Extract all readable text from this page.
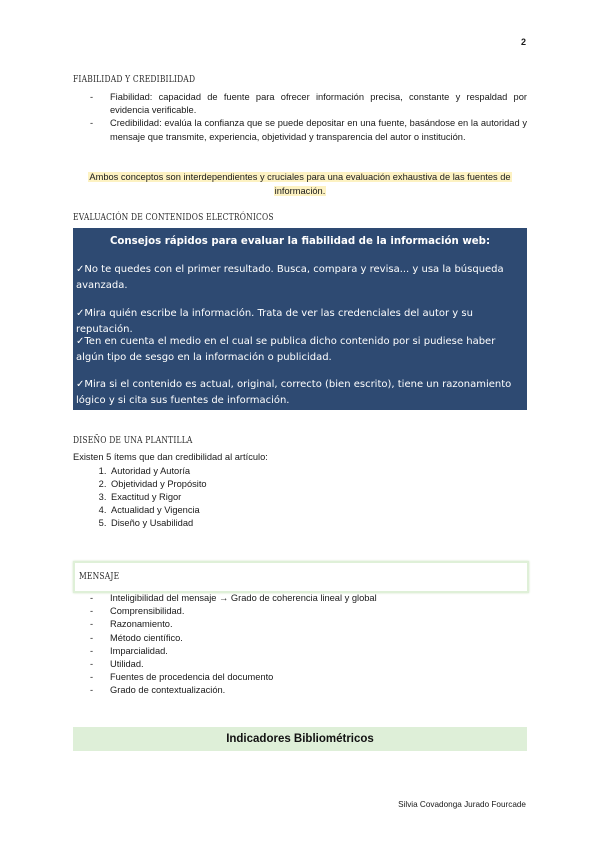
2
FIABILIDAD Y CREDIBILIDAD
- Fiabilidad: capacidad de fuente para ofrecer información precisa, constante y respaldad por evidencia verificable.
- Credibilidad: evalúa la confianza que se puede depositar en una fuente, basándose en la autoridad y mensaje que transmite, experiencia, objetividad y transparencia del autor o institución.
Ambos conceptos son interdependientes y cruciales para una evaluación exhaustiva de las fuentes de información.
EVALUACIÓN DE CONTENIDOS ELECTRÓNICOS
Consejos rápidos para evaluar la fiabilidad de la información web:
✓No te quedes con el primer resultado. Busca, compara y revisa... y usa la búsqueda avanzada.
✓Mira quién escribe la información. Trata de ver las credenciales del autor y su reputación.
✓Ten en cuenta el medio en el cual se publica dicho contenido por si pudiese haber algún tipo de sesgo en la información o publicidad.
✓Mira si el contenido es actual, original, correcto (bien escrito), tiene un razonamiento lógico y si cita sus fuentes de información.
DISEÑO DE UNA PLANTILLA
Existen 5 ítems que dan credibilidad al artículo:
1. Autoridad y Autoría
2. Objetividad y Propósito
3. Exactitud y Rigor
4. Actualidad y Vigencia
5. Diseño y Usabilidad
MENSAJE
- Inteligibilidad del mensaje → Grado de coherencia lineal y global
- Comprensibilidad.
- Razonamiento.
- Método científico.
- Imparcialidad.
- Utilidad.
- Fuentes de procedencia del documento
- Grado de contextualización.
Indicadores Bibliométricos
Silvia Covadonga Jurado Fourcade
